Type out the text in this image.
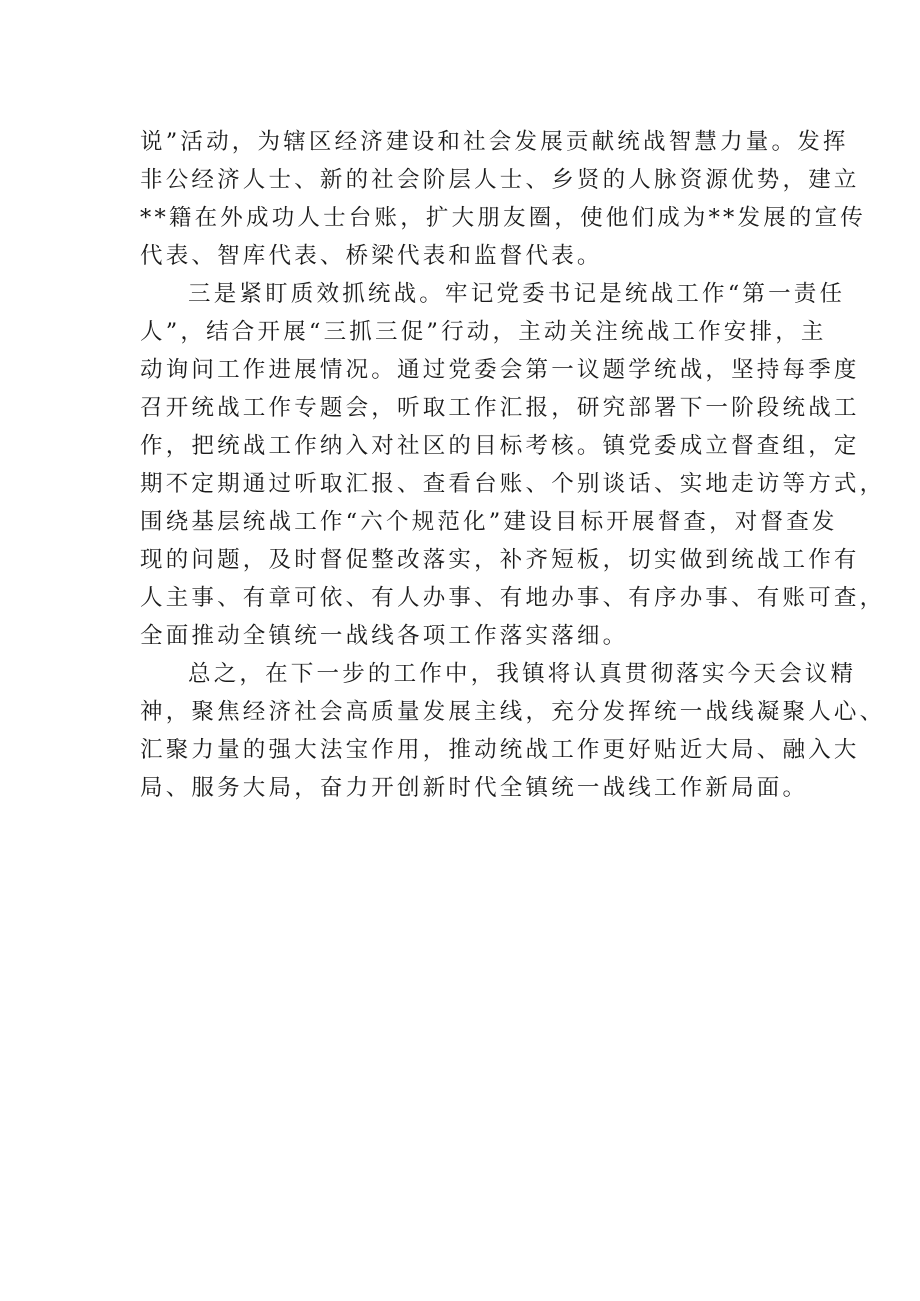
说”活动，为辖区经济建设和社会发展贡献统战智慧力量。发挥
非公经济人士、新的社会阶层人士、乡贤的人脉资源优势，建立
**籍在外成功人士台账，扩大朋友圈，使他们成为**发展的宣传
代表、智库代表、桥梁代表和监督代表。
三是紧盯质效抓统战。牢记党委书记是统战工作“第一责任
人”，结合开展“三抓三促”行动，主动关注统战工作安排，主
动询问工作进展情况。通过党委会第一议题学统战，坚持每季度
召开统战工作专题会，听取工作汇报，研究部署下一阶段统战工
作，把统战工作纳入对社区的目标考核。镇党委成立督查组，定
期不定期通过听取汇报、查看台账、个别谈话、实地走访等方式，
围绕基层统战工作“六个规范化”建设目标开展督查，对督查发
现的问题，及时督促整改落实，补齐短板，切实做到统战工作有
人主事、有章可依、有人办事、有地办事、有序办事、有账可查，
全面推动全镇统一战线各项工作落实落细。
总之，在下一步的工作中，我镇将认真贯彻落实今天会议精
神，聚焦经济社会高质量发展主线，充分发挥统一战线凝聚人心、
汇聚力量的强大法宝作用，推动统战工作更好贴近大局、融入大
局、服务大局，奋力开创新时代全镇统一战线工作新局面。
